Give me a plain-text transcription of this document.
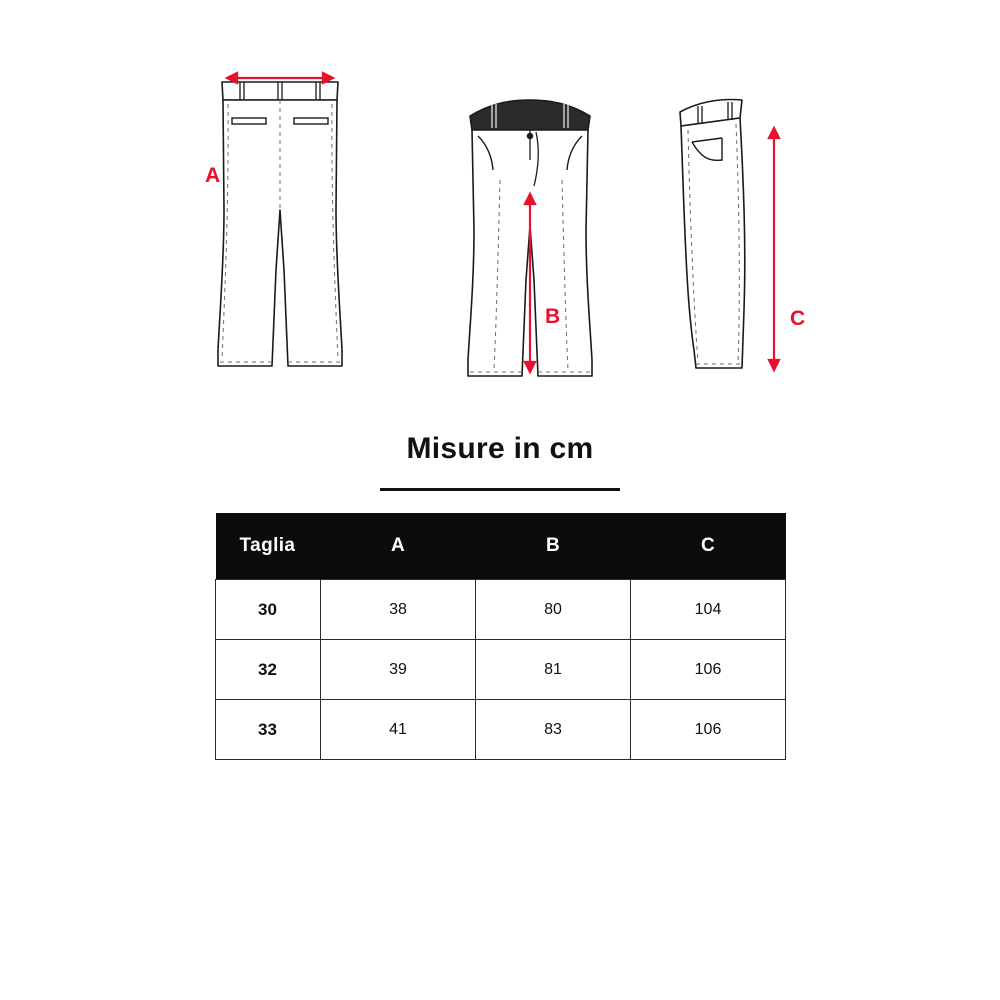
A
B	C
Misure in cm
Taglia	A	B	C
30	38	80	104
32	39	81	106
33	41	83	106
